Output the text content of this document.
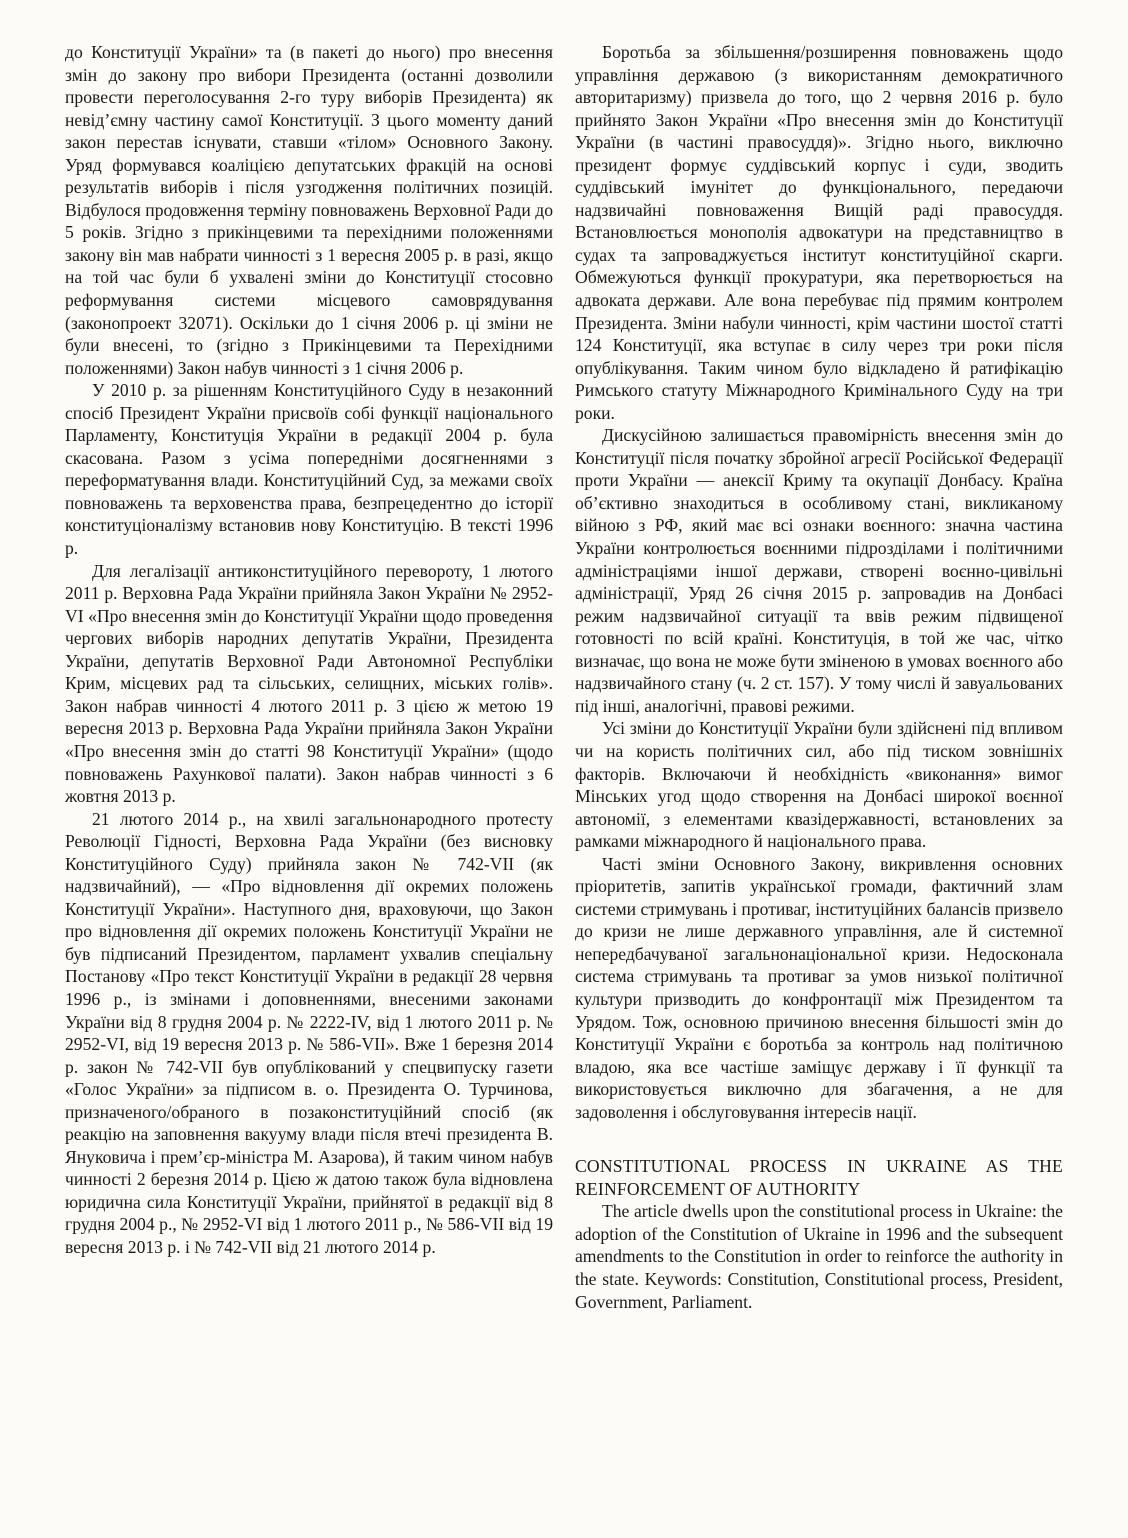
до Конституції України» та (в пакеті до нього) про внесення змін до закону про вибори Президента (останні дозволили провести переголосування 2-го туру виборів Президента) як невід’ємну частину самої Конституції. З цього моменту даний закон перестав існувати, ставши «тілом» Основного Закону. Уряд формувався коаліцією депутатських фракцій на основі результатів виборів і після узгодження політичних позицій. Відбулося продовження терміну повноважень Верховної Ради до 5 років. Згідно з прикінцевими та перехідними положеннями закону він мав набрати чинності з 1 вересня 2005 р. в разі, якщо на той час були б ухвалені зміни до Конституції стосовно реформування системи місцевого самоврядування (законопроект 32071). Оскільки до 1 січня 2006 р. ці зміни не були внесені, то (згідно з Прикінцевими та Перехідними положеннями) Закон набув чинності з 1 січня 2006 р.

У 2010 р. за рішенням Конституційного Суду в незаконний спосіб Президент України присвоїв собі функції національного Парламенту, Конституція України в редакції 2004 р. була скасована. Разом з усіма попередніми досягненнями з переформатування влади. Конституційний Суд, за межами своїх повноважень та верховенства права, безпрецедентно до історії конституціоналізму встановив нову Конституцію. В тексті 1996 р.

Для легалізації антиконституційного перевороту, 1 лютого 2011 р. Верховна Рада України прийняла Закон України № 2952-VI «Про внесення змін до Конституції України щодо проведення чергових виборів народних депутатів України, Президента України, депутатів Верховної Ради Автономної Республіки Крим, місцевих рад та сільських, селищних, міських голів». Закон набрав чинності 4 лютого 2011 р. З цією ж метою 19 вересня 2013 р. Верховна Рада України прийняла Закон України «Про внесення змін до статті 98 Конституції України» (щодо повноважень Рахункової палати). Закон набрав чинності з 6 жовтня 2013 р.

21 лютого 2014 р., на хвилі загальнонародного протесту Революції Гідності, Верховна Рада України (без висновку Конституційного Суду) прийняла закон № 742-VII (як надзвичайний), — «Про відновлення дії окремих положень Конституції України». Наступного дня, враховуючи, що Закон про відновлення дії окремих положень Конституції України не був підписаний Президентом, парламент ухвалив спеціальну Постанову «Про текст Конституції України в редакції 28 червня 1996 р., із змінами і доповненнями, внесеними законами України від 8 грудня 2004 р. № 2222-IV, від 1 лютого 2011 р. № 2952-VI, від 19 вересня 2013 р. № 586-VII». Вже 1 березня 2014 р. закон № 742-VII був опублікований у спецвипуску газети «Голос України» за підписом в. о. Президента О. Турчинова, призначеного/обраного в позаконституційний спосіб (як реакцію на заповнення вакууму влади після втечі президента В. Януковича і прем’єр-міністра М. Азарова), й таким чином набув чинності 2 березня 2014 р. Цією ж датою також була відновлена юридична сила Конституції України, прийнятої в редакції від 8 грудня 2004 р., № 2952-VI від 1 лютого 2011 р., № 586-VII від 19 вересня 2013 р. і № 742-VII від 21 лютого 2014 р.

Боротьба за збільшення/розширення повноважень щодо управління державою (з використанням демократичного авторитаризму) призвела до того, що 2 червня 2016 р. було прийнято Закон України «Про внесення змін до Конституції України (в частині правосуддя)». Згідно нього, виключно президент формує суддівський корпус і суди, зводить суддівський імунітет до функціонального, передаючи надзвичайні повноваження Вищій раді правосуддя. Встановлюється монополія адвокатури на представництво в судах та запроваджується інститут конституційної скарги. Обмежуються функції прокуратури, яка перетворюється на адвоката держави. Але вона перебуває під прямим контролем Президента. Зміни набули чинності, крім частини шостої статті 124 Конституції, яка вступає в силу через три роки після опублікування. Таким чином було відкладено й ратифікацію Римського статуту Міжнародного Кримінального Суду на три роки.

Дискусійною залишається правомірність внесення змін до Конституції після початку збройної агресії Російської Федерації проти України — анексії Криму та окупації Донбасу. Країна об’єктивно знаходиться в особливому стані, викликаному війною з РФ, який має всі ознаки воєнного: значна частина України контролюється воєнними підрозділами і політичними адміністраціями іншої держави, створені воєнно-цивільні адміністрації, Уряд 26 січня 2015 р. запровадив на Донбасі режим надзвичайної ситуації та ввів режим підвищеної готовності по всій країні. Конституція, в той же час, чітко визначає, що вона не може бути зміненою в умовах воєнного або надзвичайного стану (ч. 2 ст. 157). У тому числі й завуальованих під інші, аналогічні, правові режими.

Усі зміни до Конституції України були здійснені під впливом чи на користь політичних сил, або під тиском зовнішніх факторів. Включаючи й необхідність «виконання» вимог Мінських угод щодо створення на Донбасі широкої воєнної автономії, з елементами квазідержавності, встановлених за рамками міжнародного й національного права.

Часті зміни Основного Закону, викривлення основних пріоритетів, запитів української громади, фактичний злам системи стримувань і противаг, інституційних балансів призвело до кризи не лише державного управління, але й системної непередбачуваної загальнонаціональної кризи. Недосконала система стримувань та противаг за умов низької політичної культури призводить до конфронтації між Президентом та Урядом. Тож, основною причиною внесення більшості змін до Конституції України є боротьба за контроль над політичною владою, яка все частіше заміщує державу і її функції та використовується виключно для збагачення, а не для задоволення і обслуговування інтересів нації.

CONSTITUTIONAL PROCESS IN UKRAINE AS THE REINFORCEMENT OF AUTHORITY

The article dwells upon the constitutional process in Ukraine: the adoption of the Constitution of Ukraine in 1996 and the subsequent amendments to the Constitution in order to reinforce the authority in the state. Keywords: Constitution, Constitutional process, President, Government, Parliament.
